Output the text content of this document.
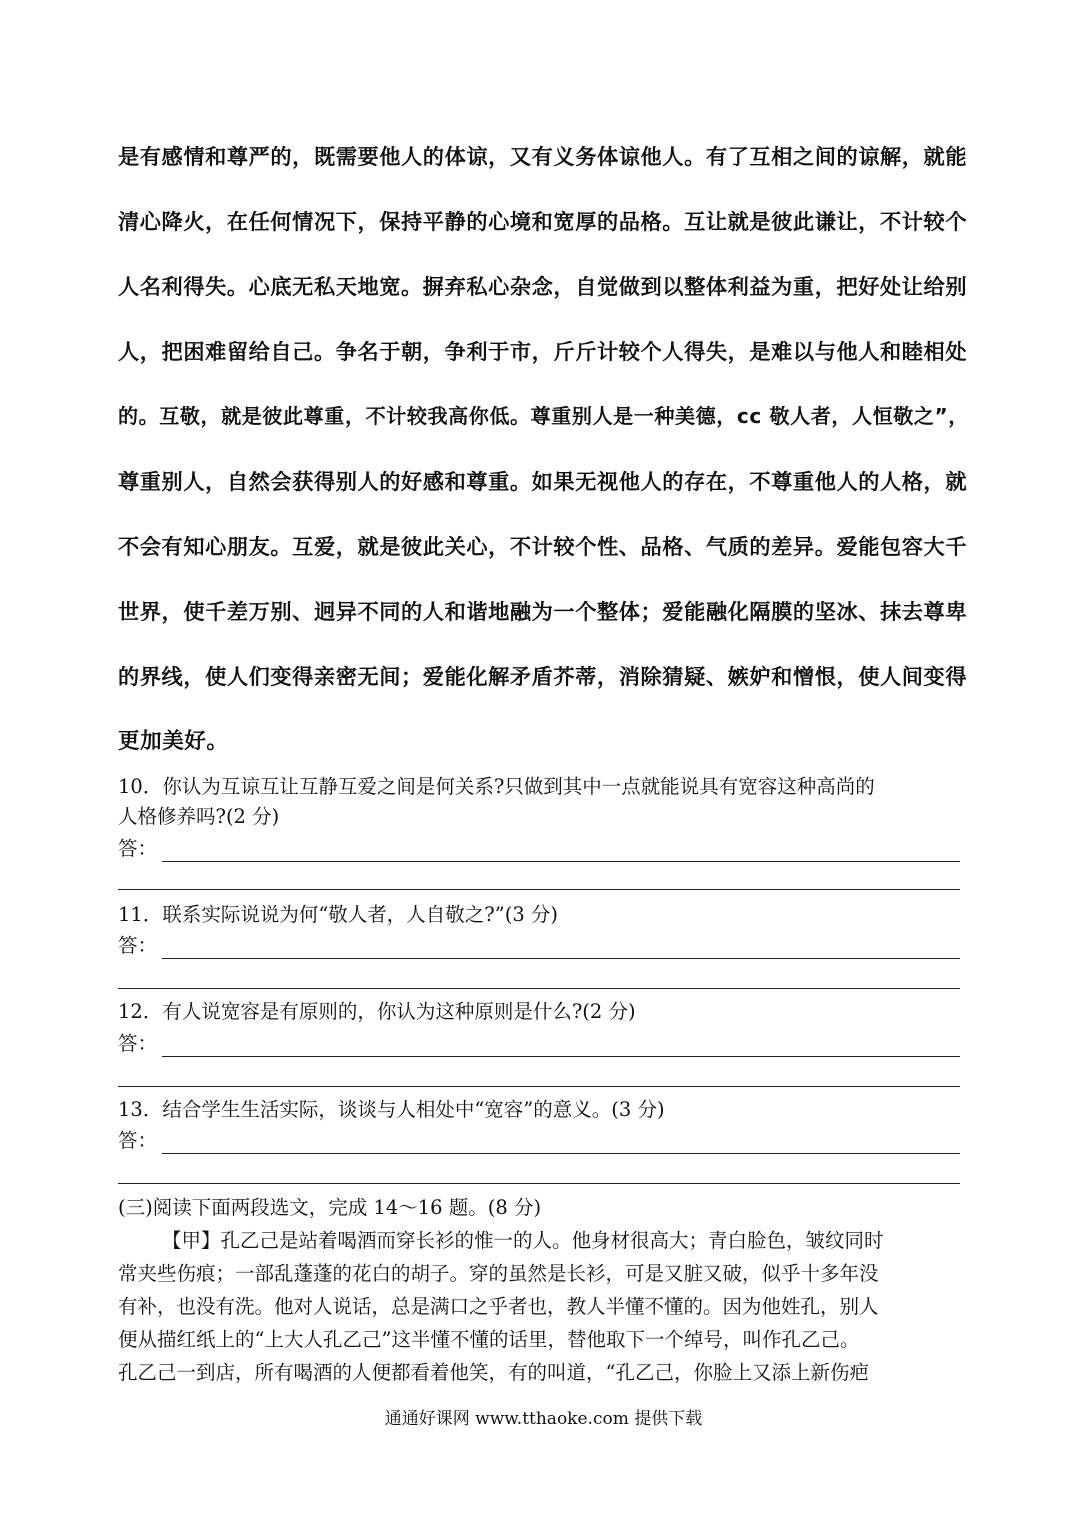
是有感情和尊严的，既需要他人的体谅，又有义务体谅他人。有了互相之间的谅解，就能
清心降火，在任何情况下，保持平静的心境和宽厚的品格。互让就是彼此谦让，不计较个
人名利得失。心底无私天地宽。摒弃私心杂念，自觉做到以整体利益为重，把好处让给别
人，把困难留给自己。争名于朝，争利于市，斤斤计较个人得失，是难以与他人和睦相处
的。互敬，就是彼此尊重，不计较我高你低。尊重别人是一种美德，cc 敬人者，人恒敬之”，
尊重别人，自然会获得别人的好感和尊重。如果无视他人的存在，不尊重他人的人格，就
不会有知心朋友。互爱，就是彼此关心，不计较个性、品格、气质的差异。爱能包容大千
世界，使千差万别、迥异不同的人和谐地融为一个整体；爱能融化隔膜的坚冰、抹去尊卑
的界线，使人们变得亲密无间；爱能化解矛盾芥蒂，消除猜疑、嫉妒和憎恨，使人间变得
更加美好。
10．你认为互谅互让互静互爱之间是何关系?只做到其中一点就能说具有宽容这种高尚的
人格修养吗?(2 分)
答：
11．联系实际说说为何“敬人者，人自敬之?”(3 分)
答：
12．有人说宽容是有原则的，你认为这种原则是什么?(2 分)
答：
13．结合学生生活实际，谈谈与人相处中“宽容”的意义。(3 分)
答：

(三)阅读下面两段选文，完成 14～16 题。(8 分)

【甲】孔乙己是站着喝酒而穿长衫的惟一的人。他身材很高大；青白脸色，皱纹同时
常夹些伤痕；一部乱蓬蓬的花白的胡子。穿的虽然是长衫，可是又脏又破，似乎十多年没
有补，也没有洗。他对人说话，总是满口之乎者也，教人半懂不懂的。因为他姓孔，别人
便从描红纸上的“上大人孔乙己”这半懂不懂的话里，替他取下一个绰号，叫作孔乙己。
孔乙己一到店，所有喝酒的人便都看着他笑，有的叫道，“孔乙己，你脸上又添上新伤疤
通通好课网 www.tthaoke.com 提供下载
